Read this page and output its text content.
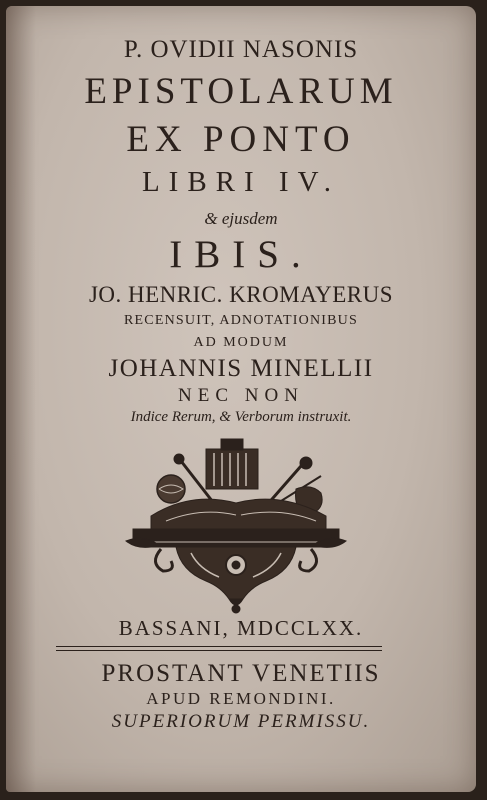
P. OVIDII NASONIS

EPISTOLARUM

EX PONTO

LIBRI IV.

& ejusdem

IBIS.

JO. HENRIC. KROMAYERUS

RECENSUIT, ADNOTATIONIBUS

AD MODUM

JOHANNIS MINELLII

NEC NON

Indice Rerum, & Verborum instruxit.

BASSANI, MDCCLXX.

PROSTANT VENETIIS

APUD REMONDINI.

SUPERIORUM PERMISSU.
